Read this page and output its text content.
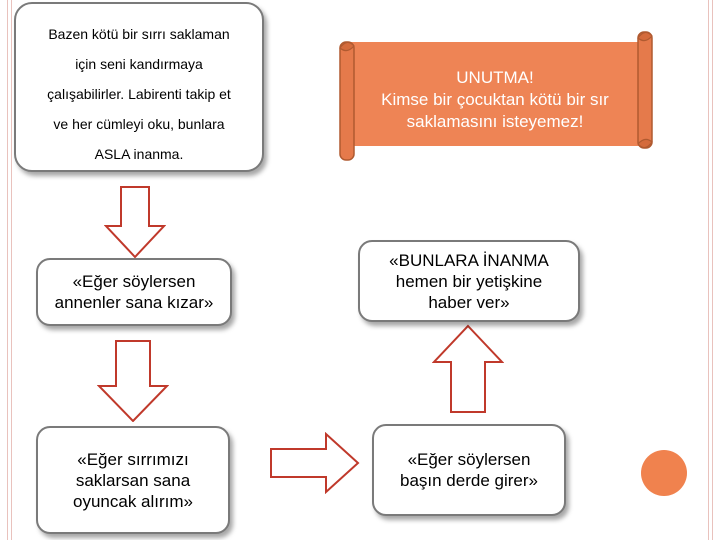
Bazen kötü bir sırrı saklaman
için seni kandırmaya
çalışabilirler. Labirenti takip et
ve her cümleyi oku, bunlara
ASLA inanma.
UNUTMA!
Kimse bir çocuktan kötü bir sır
saklamasını isteyemez!
«Eğer söylersen
annenler sana kızar»
«Eğer sırrımızı
saklarsan sana
oyuncak alırım»
«Eğer söylersen
başın derde girer»
«BUNLARA İNANMA
hemen bir yetişkine
haber ver»
